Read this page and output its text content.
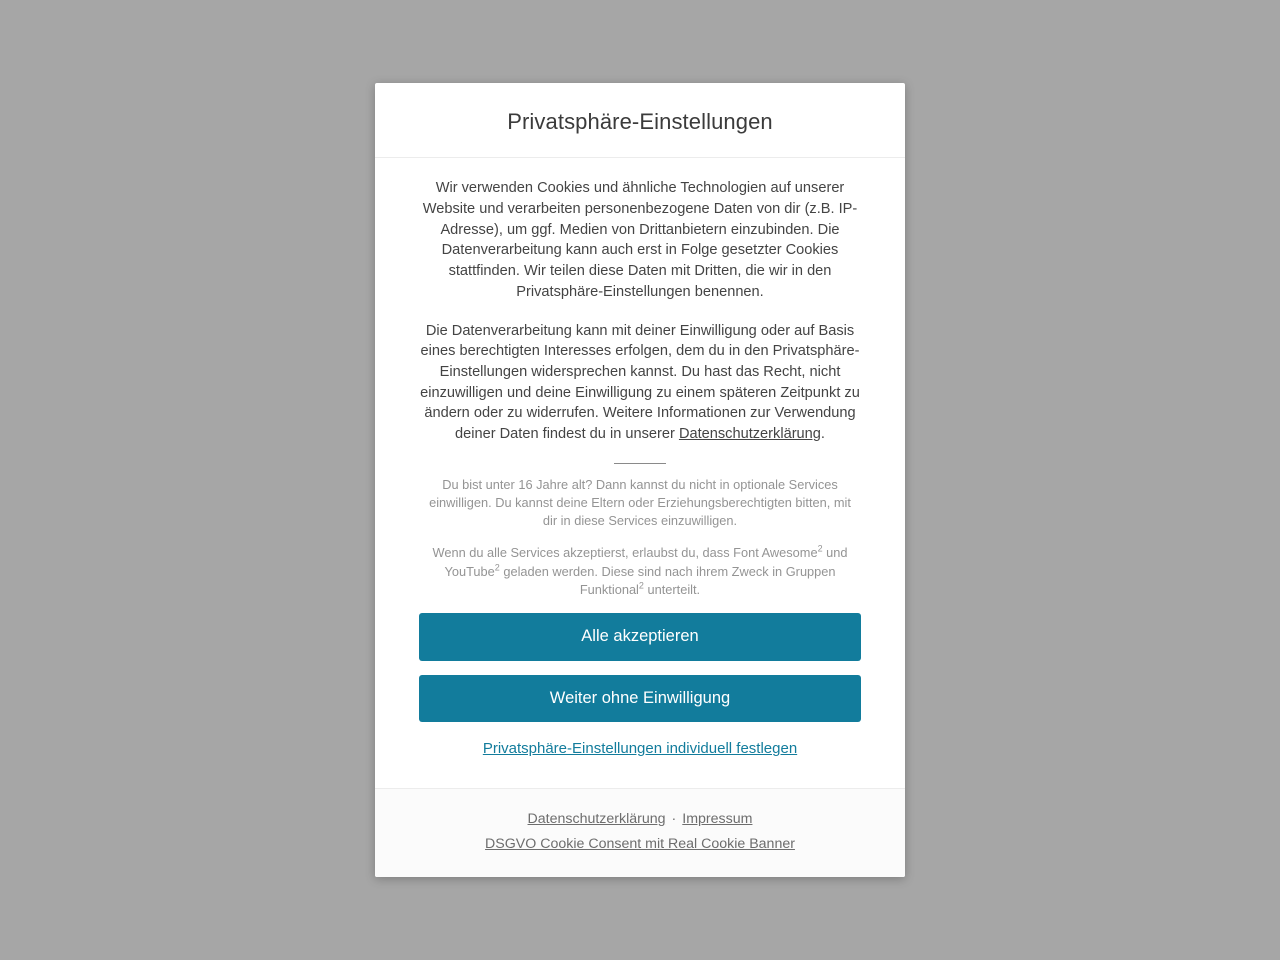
Privatsphäre-Einstellungen

Wir verwenden Cookies und ähnliche Technologien auf unserer Website und verarbeiten personenbezogene Daten von dir (z.B. IP-Adresse), um ggf. Medien von Drittanbietern einzubinden. Die Datenverarbeitung kann auch erst in Folge gesetzter Cookies stattfinden. Wir teilen diese Daten mit Dritten, die wir in den Privatsphäre-Einstellungen benennen.

Die Datenverarbeitung kann mit deiner Einwilligung oder auf Basis eines berechtigten Interesses erfolgen, dem du in den Privatsphäre-Einstellungen widersprechen kannst. Du hast das Recht, nicht einzuwilligen und deine Einwilligung zu einem späteren Zeitpunkt zu ändern oder zu widerrufen. Weitere Informationen zur Verwendung deiner Daten findest du in unserer Datenschutzerklärung.

Du bist unter 16 Jahre alt? Dann kannst du nicht in optionale Services einwilligen. Du kannst deine Eltern oder Erziehungsberechtigten bitten, mit dir in diese Services einzuwilligen.

Wenn du alle Services akzeptierst, erlaubst du, dass Font Awesome$^2$ und YouTube$^2$ geladen werden. Diese sind nach ihrem Zweck in Gruppen Funktional$^2$ unterteilt.

Alle akzeptieren
Weiter ohne Einwilligung
Privatsphäre-Einstellungen individuell festlegen
Datenschutzerklärung · Impressum
DSGVO Cookie Consent mit Real Cookie Banner
